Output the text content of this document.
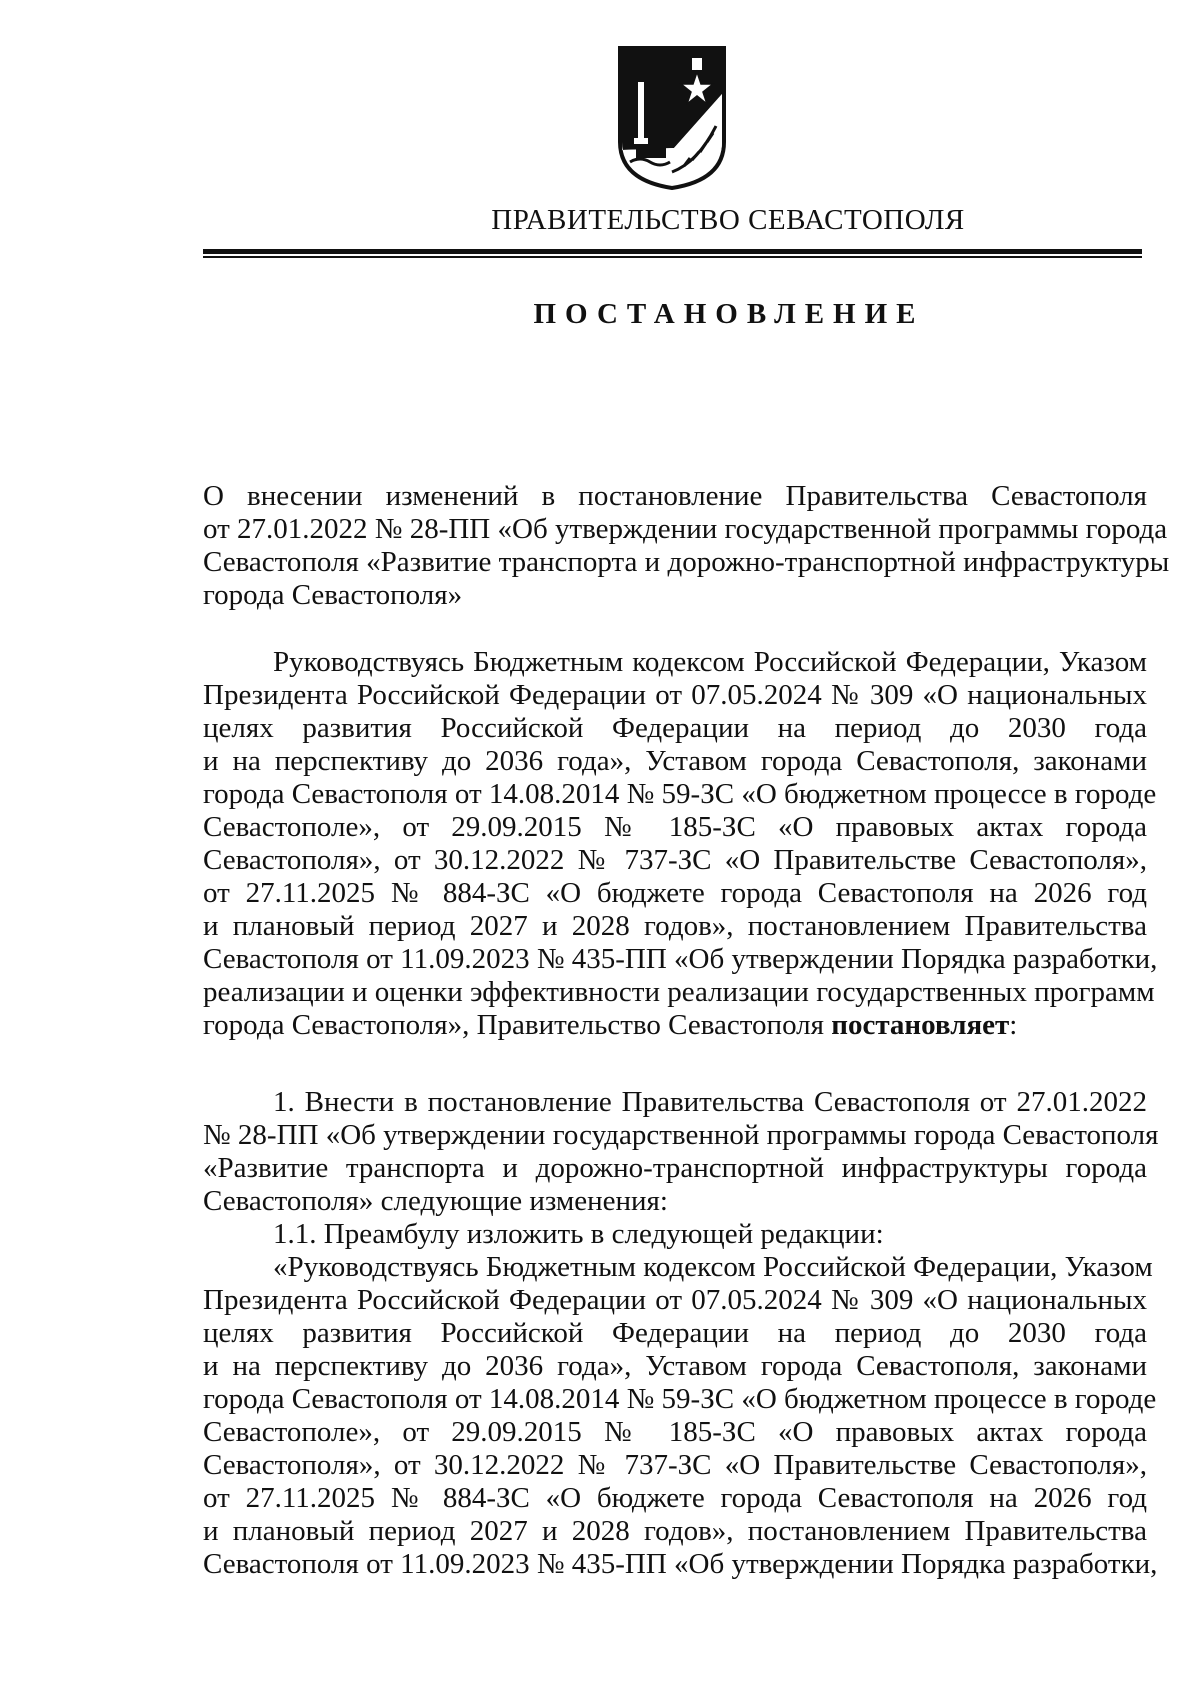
ПРАВИТЕЛЬСТВО СЕВАСТОПОЛЯ
ПОСТАНОВЛЕНИЕ
О внесении изменений в постановление Правительства Севастополя
от 27.01.2022 № 28-ПП «Об утверждении государственной программы города
Севастополя «Развитие транспорта и дорожно-транспортной инфраструктуры
города Севастополя»
Руководствуясь Бюджетным кодексом Российской Федерации, Указом
Президента Российской Федерации от 07.05.2024 № 309 «О национальных
целях развития Российской Федерации на период до 2030 года
и на перспективу до 2036 года», Уставом города Севастополя, законами
города Севастополя от 14.08.2014 № 59-ЗС «О бюджетном процессе в городе
Севастополе», от 29.09.2015 № 185-ЗС «О правовых актах города
Севастополя», от 30.12.2022 № 737-ЗС «О Правительстве Севастополя»,
от 27.11.2025 № 884-ЗС «О бюджете города Севастополя на 2026 год
и плановый период 2027 и 2028 годов», постановлением Правительства
Севастополя от 11.09.2023 № 435-ПП «Об утверждении Порядка разработки,
реализации и оценки эффективности реализации государственных программ
города Севастополя», Правительство Севастополя постановляет:
1. Внести в постановление Правительства Севастополя от 27.01.2022
№ 28-ПП «Об утверждении государственной программы города Севастополя
«Развитие транспорта и дорожно-транспортной инфраструктуры города
Севастополя» следующие изменения:
1.1. Преамбулу изложить в следующей редакции:
«Руководствуясь Бюджетным кодексом Российской Федерации, Указом
Президента Российской Федерации от 07.05.2024 № 309 «О национальных
целях развития Российской Федерации на период до 2030 года
и на перспективу до 2036 года», Уставом города Севастополя, законами
города Севастополя от 14.08.2014 № 59-ЗС «О бюджетном процессе в городе
Севастополе», от 29.09.2015 № 185-ЗС «О правовых актах города
Севастополя», от 30.12.2022 № 737-ЗС «О Правительстве Севастополя»,
от 27.11.2025 № 884-ЗС «О бюджете города Севастополя на 2026 год
и плановый период 2027 и 2028 годов», постановлением Правительства
Севастополя от 11.09.2023 № 435-ПП «Об утверждении Порядка разработки,
